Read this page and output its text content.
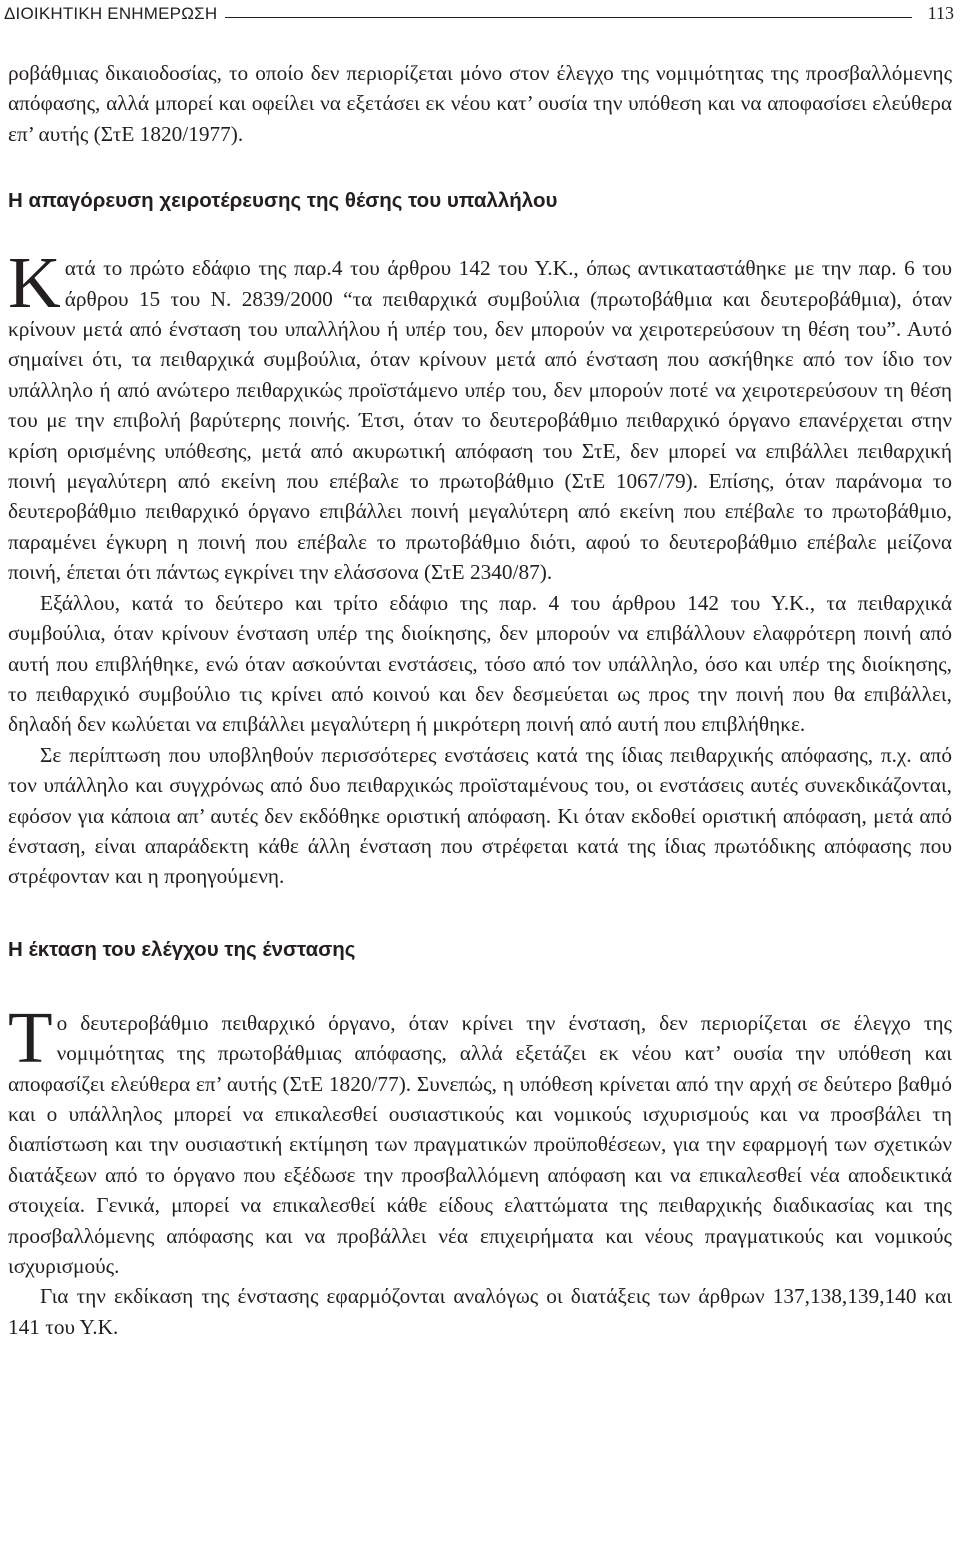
ΔΙΟΙΚΗΤΙΚΗ ΕΝΗΜΕΡΩΣΗ	113

ροβάθμιας δικαιοδοσίας, το οποίο δεν περιορίζεται μόνο στον έλεγχο της νομιμότητας της προσβαλλόμενης απόφασης, αλλά μπορεί και οφείλει να εξετάσει εκ νέου κατ’ ουσία την υπόθεση και να αποφασίσει ελεύθερα επ’ αυτής (ΣτΕ 1820/1977).

Η απαγόρευση χειροτέρευσης της θέσης του υπαλλήλου

Κατά το πρώτο εδάφιο της παρ.4 του άρθρου 142 του Υ.Κ., όπως αντικαταστάθηκε με την παρ. 6 του άρθρου 15 του Ν. 2839/2000 “τα πειθαρχικά συμβούλια (πρωτοβάθμια και δευτεροβάθμια), όταν κρίνουν μετά από ένσταση του υπαλλήλου ή υπέρ του, δεν μπορούν να χειροτερεύσουν τη θέση του”. Αυτό σημαίνει ότι, τα πειθαρχικά συμβούλια, όταν κρίνουν μετά από ένσταση που ασκήθηκε από τον ίδιο τον υπάλληλο ή από ανώτερο πειθαρχικώς προϊστάμενο υπέρ του, δεν μπορούν ποτέ να χειροτερεύσουν τη θέση του με την επιβολή βαρύτερης ποινής. Έτσι, όταν το δευτεροβάθμιο πειθαρχικό όργανο επανέρχεται στην κρίση ορισμένης υπόθεσης, μετά από ακυρωτική απόφαση του ΣτΕ, δεν μπορεί να επιβάλλει πειθαρχική ποινή μεγαλύτερη από εκείνη που επέβαλε το πρωτοβάθμιο (ΣτΕ 1067/79). Επίσης, όταν παράνομα το δευτεροβάθμιο πειθαρχικό όργανο επιβάλλει ποινή μεγαλύτερη από εκείνη που επέβαλε το πρωτοβάθμιο, παραμένει έγκυρη η ποινή που επέβαλε το πρωτοβάθμιο διότι, αφού το δευτεροβάθμιο επέβαλε μείζονα ποινή, έπεται ότι πάντως εγκρίνει την ελάσσονα (ΣτΕ 2340/87).

Εξάλλου, κατά το δεύτερο και τρίτο εδάφιο της παρ. 4 του άρθρου 142 του Υ.Κ., τα πειθαρχικά συμβούλια, όταν κρίνουν ένσταση υπέρ της διοίκησης, δεν μπορούν να επιβάλλουν ελαφρότερη ποινή από αυτή που επιβλήθηκε, ενώ όταν ασκούνται ενστάσεις, τόσο από τον υπάλληλο, όσο και υπέρ της διοίκησης, το πειθαρχικό συμβούλιο τις κρίνει από κοινού και δεν δεσμεύεται ως προς την ποινή που θα επιβάλλει, δηλαδή δεν κωλύεται να επιβάλλει μεγαλύτερη ή μικρότερη ποινή από αυτή που επιβλήθηκε.

Σε περίπτωση που υποβληθούν περισσότερες ενστάσεις κατά της ίδιας πειθαρχικής απόφασης, π.χ. από τον υπάλληλο και συγχρόνως από δυο πειθαρχικώς προϊσταμένους του, οι ενστάσεις αυτές συνεκδικάζονται, εφόσον για κάποια απ’ αυτές δεν εκδόθηκε οριστική απόφαση. Κι όταν εκδοθεί οριστική απόφαση, μετά από ένσταση, είναι απαράδεκτη κάθε άλλη ένσταση που στρέφεται κατά της ίδιας πρωτόδικης απόφασης που στρέφονταν και η προηγούμενη.

Η έκταση του ελέγχου της ένστασης

Το δευτεροβάθμιο πειθαρχικό όργανο, όταν κρίνει την ένσταση, δεν περιορίζεται σε έλεγχο της νομιμότητας της πρωτοβάθμιας απόφασης, αλλά εξετάζει εκ νέου κατ’ ουσία την υπόθεση και αποφασίζει ελεύθερα επ’ αυτής (ΣτΕ 1820/77). Συνεπώς, η υπόθεση κρίνεται από την αρχή σε δεύτερο βαθμό και ο υπάλληλος μπορεί να επικαλεσθεί ουσιαστικούς και νομικούς ισχυρισμούς και να προσβάλει τη διαπίστωση και την ουσιαστική εκτίμηση των πραγματικών προϋποθέσεων, για την εφαρμογή των σχετικών διατάξεων από το όργανο που εξέδωσε την προσβαλλόμενη απόφαση και να επικαλεσθεί νέα αποδεικτικά στοιχεία. Γενικά, μπορεί να επικαλεσθεί κάθε είδους ελαττώματα της πειθαρχικής διαδικασίας και της προσβαλλόμενης απόφασης και να προβάλλει νέα επιχειρήματα και νέους πραγματικούς και νομικούς ισχυρισμούς.

Για την εκδίκαση της ένστασης εφαρμόζονται αναλόγως οι διατάξεις των άρθρων 137,138,139,140 και 141 του Υ.Κ.
